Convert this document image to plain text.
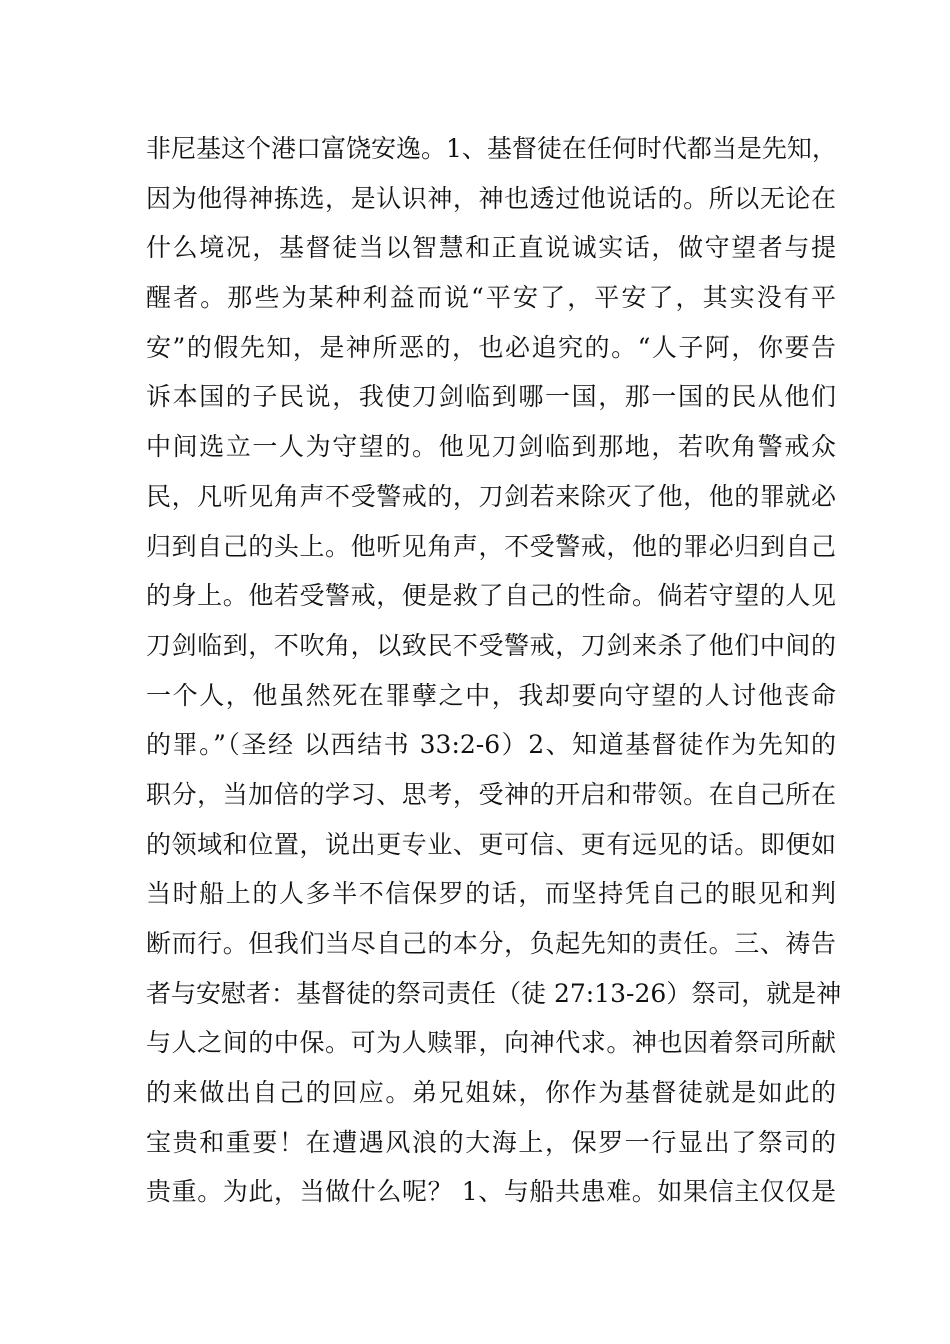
非尼基这个港口富饶安逸。1、基督徒在任何时代都当是先知，
因为他得神拣选，是认识神，神也透过他说话的。所以无论在
什么境况，基督徒当以智慧和正直说诚实话，做守望者与提
醒者。那些为某种利益而说“平安了，平安了，其实没有平
安”的假先知，是神所恶的，也必追究的。“人子阿，你要告
诉本国的子民说，我使刀剑临到哪一国，那一国的民从他们
中间选立一人为守望的。他见刀剑临到那地，若吹角警戒众
民，凡听见角声不受警戒的，刀剑若来除灭了他，他的罪就必
归到自己的头上。他听见角声，不受警戒，他的罪必归到自己
的身上。他若受警戒，便是救了自己的性命。倘若守望的人见
刀剑临到，不吹角，以致民不受警戒，刀剑来杀了他们中间的
一个人，他虽然死在罪孽之中，我却要向守望的人讨他丧命
的罪。”（圣经 以西结书 33:2-6）2、知道基督徒作为先知的
职分，当加倍的学习、思考，受神的开启和带领。在自己所在
的领域和位置，说出更专业、更可信、更有远见的话。即便如
当时船上的人多半不信保罗的话，而坚持凭自己的眼见和判
断而行。但我们当尽自己的本分，负起先知的责任。三、祷告
者与安慰者：基督徒的祭司责任（徒 27:13-26）祭司，就是神
与人之间的中保。可为人赎罪，向神代求。神也因着祭司所献
的来做出自己的回应。弟兄姐妹，你作为基督徒就是如此的
宝贵和重要！在遭遇风浪的大海上，保罗一行显出了祭司的
贵重。为此，当做什么呢？ 1、与船共患难。如果信主仅仅是
